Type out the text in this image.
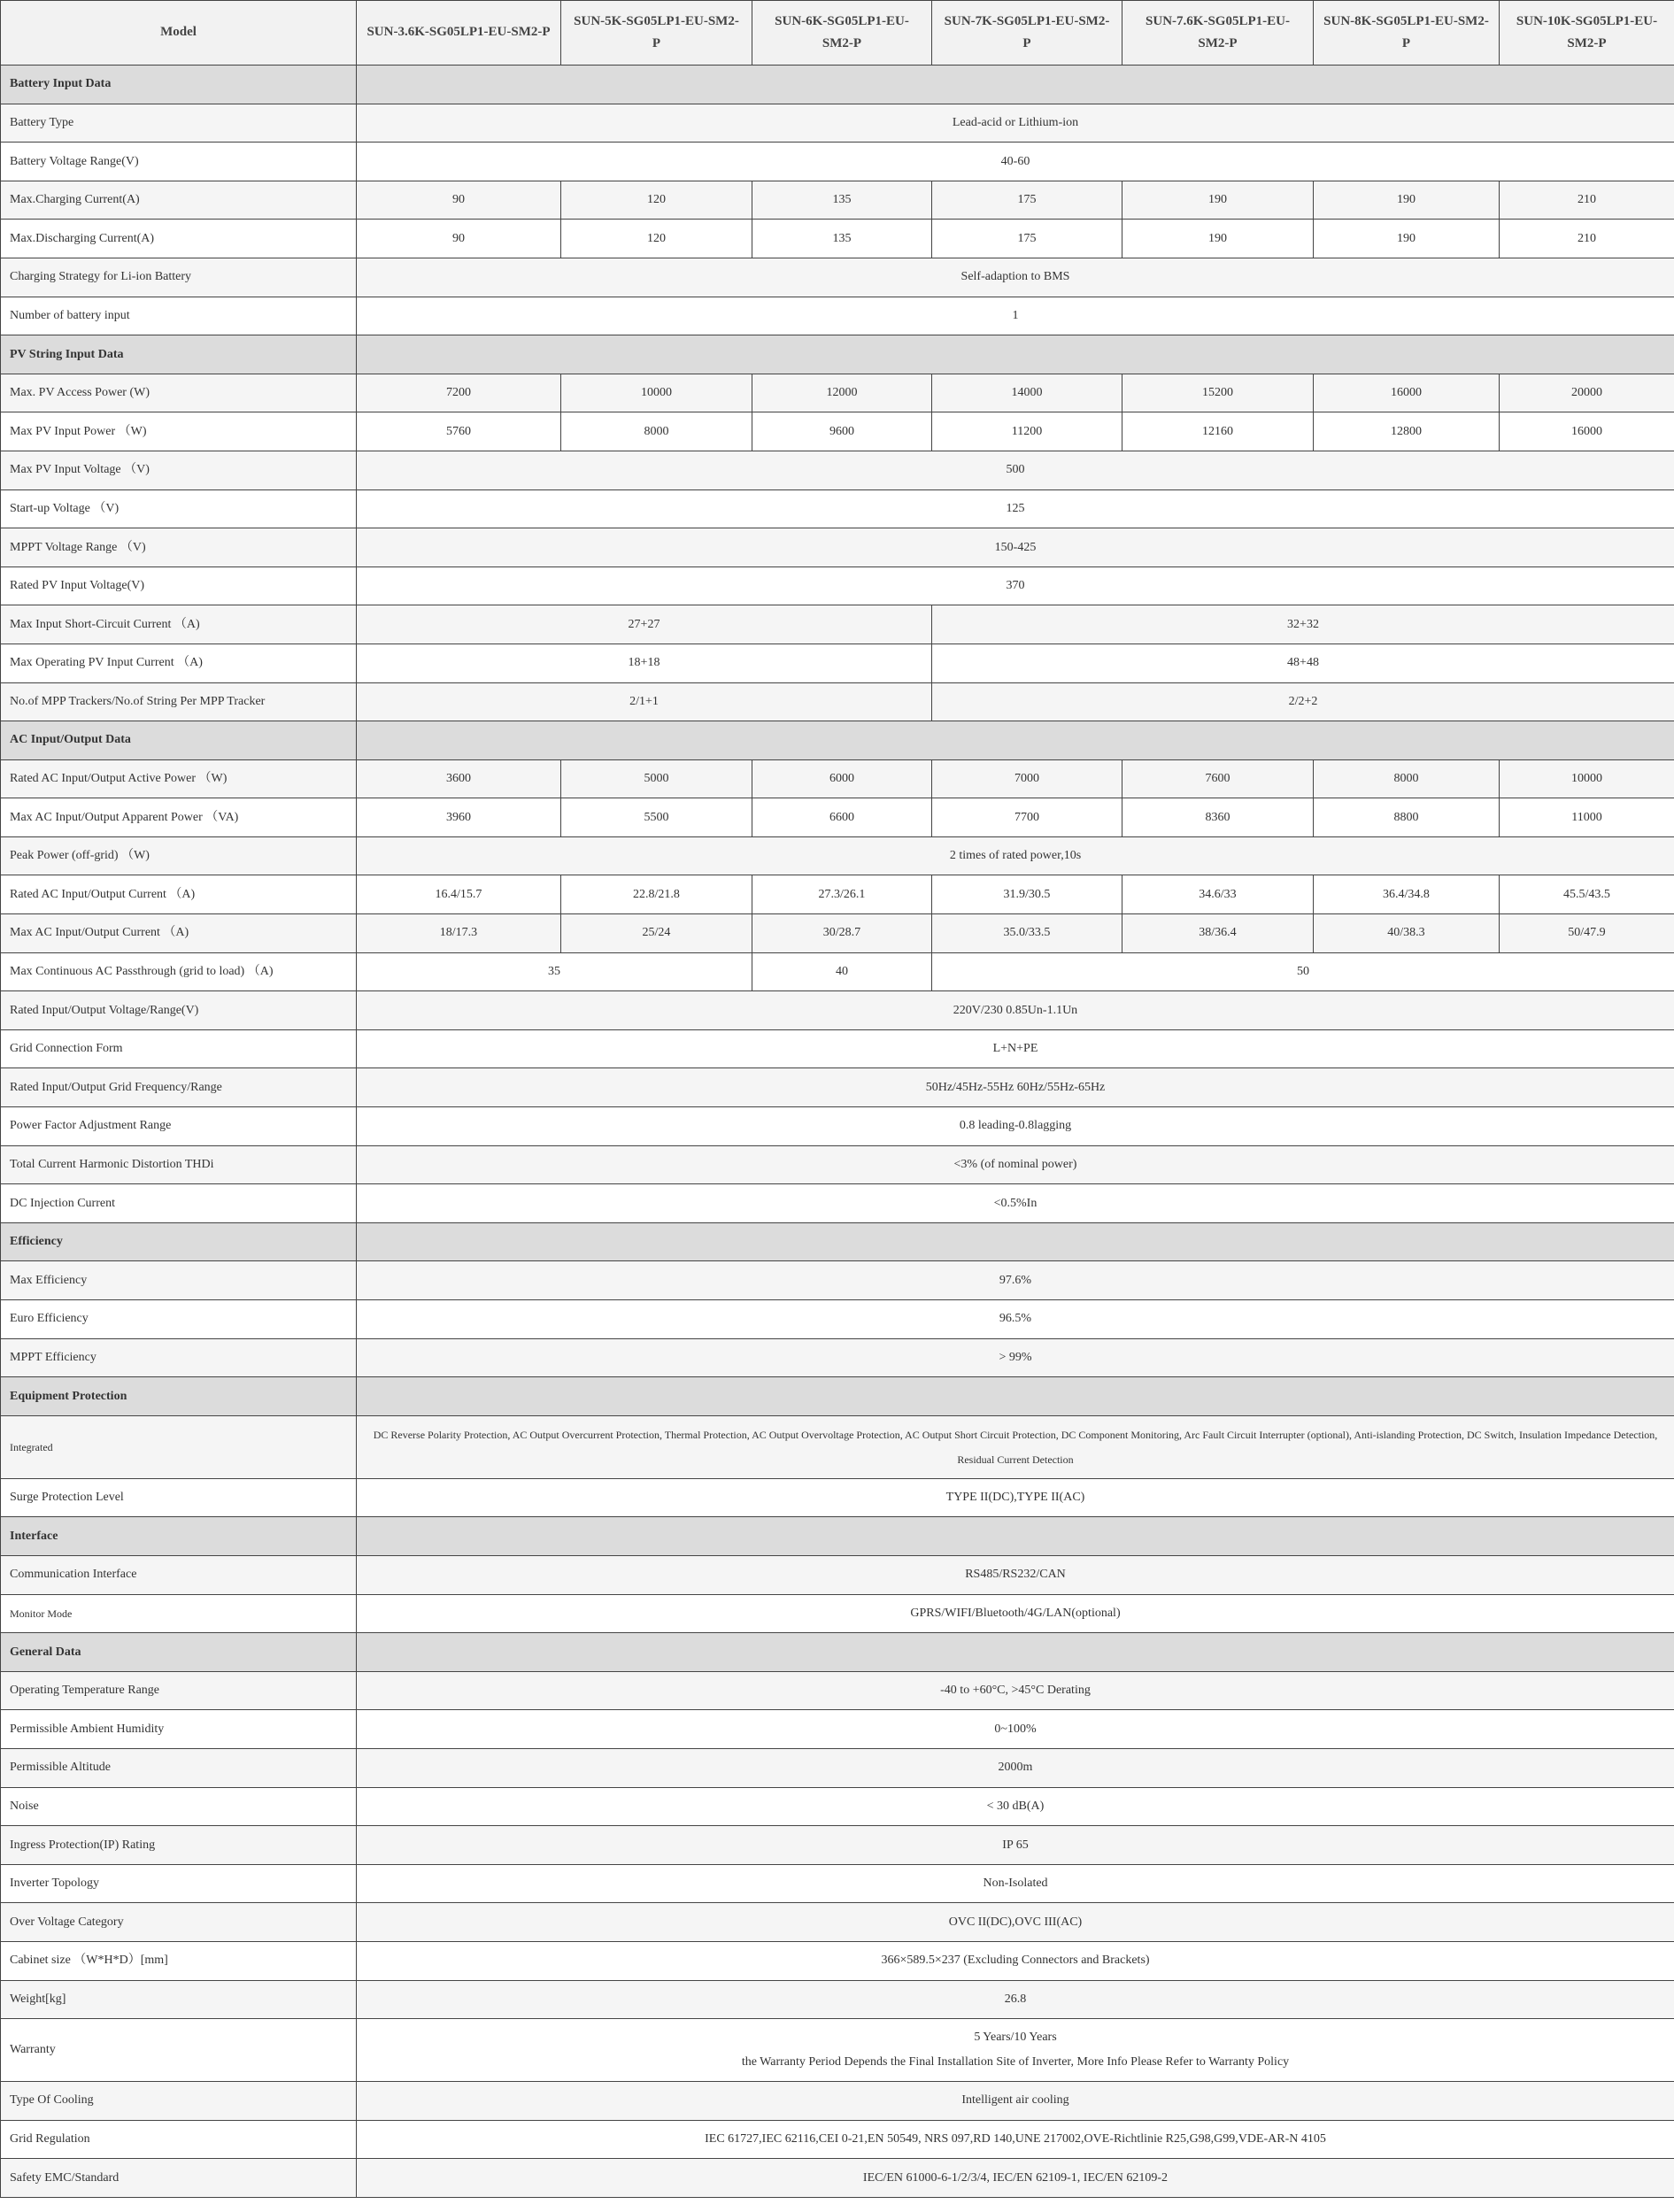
Model	SUN-3.6K-SG05LP1-EU-SM2-P	SUN-5K-SG05LP1-EU-SM2-P	SUN-6K-SG05LP1-EU-SM2-P	SUN-7K-SG05LP1-EU-SM2-P	SUN-7.6K-SG05LP1-EU-SM2-P	SUN-8K-SG05LP1-EU-SM2-P	SUN-10K-SG05LP1-EU-SM2-P
Battery Input Data							
Battery Type	Lead-acid or Lithium-ion						
Battery Voltage Range(V)	40-60						
Max.Charging Current(A)	90	120	135	175	190	190	210
Max.Discharging Current(A)	90	120	135	175	190	190	210
Charging Strategy for Li-ion Battery	Self-adaption to BMS						
Number of battery input	1						
PV String Input Data							
Max. PV Access Power (W)	7200	10000	12000	14000	15200	16000	20000
Max PV Input Power （W)	5760	8000	9600	11200	12160	12800	16000
Max PV Input Voltage （V)	500						
Start-up Voltage （V)	125						
MPPT Voltage Range （V)	150-425						
Rated PV Input Voltage(V)	370						
Max Input Short-Circuit Current （A)	27+27			32+32			
Max Operating PV Input Current （A)	18+18			48+48			
No.of MPP Trackers/No.of String Per MPP Tracker	2/1+1			2/2+2			
AC Input/Output Data							
Rated AC Input/Output Active Power （W)	3600	5000	6000	7000	7600	8000	10000
Max AC Input/Output Apparent Power （VA)	3960	5500	6600	7700	8360	8800	11000
Peak Power (off-grid) （W)	2 times of rated power,10s						
Rated AC Input/Output Current （A)	16.4/15.7	22.8/21.8	27.3/26.1	31.9/30.5	34.6/33	36.4/34.8	45.5/43.5
Max AC Input/Output Current （A)	18/17.3	25/24	30/28.7	35.0/33.5	38/36.4	40/38.3	50/47.9
Max Continuous AC Passthrough (grid to load) （A)	35		40	50			
Rated Input/Output Voltage/Range(V)	220V/230 0.85Un-1.1Un						
Grid Connection Form	L+N+PE						
Rated Input/Output Grid Frequency/Range	50Hz/45Hz-55Hz 60Hz/55Hz-65Hz						
Power Factor Adjustment Range	0.8 leading-0.8lagging						
Total Current Harmonic Distortion THDi	<3% (of nominal power)						
DC Injection Current	<0.5%In						
Efficiency							
Max Efficiency	97.6%						
Euro Efficiency	96.5%						
MPPT Efficiency	> 99%						
Equipment Protection							
Integrated	DC Reverse Polarity Protection, AC Output Overcurrent Protection, Thermal Protection, AC Output Overvoltage Protection, AC Output Short Circuit Protection, DC Component Monitoring, Arc Fault Circuit Interrupter (optional), Anti-islanding Protection, DC Switch, Insulation Impedance Detection, Residual Current Detection						
Surge Protection Level	TYPE II(DC),TYPE II(AC)						
Interface							
Communication Interface	RS485/RS232/CAN						
Monitor Mode	GPRS/WIFI/Bluetooth/4G/LAN(optional)						
General Data							
Operating Temperature Range	-40 to +60°C, >45°C Derating						
Permissible Ambient Humidity	0~100%						
Permissible Altitude	2000m						
Noise	< 30 dB(A)						
Ingress Protection(IP) Rating	IP 65						
Inverter Topology	Non-Isolated						
Over Voltage Category	OVC II(DC),OVC III(AC)						
Cabinet size （W*H*D）[mm]	366×589.5×237 (Excluding Connectors and Brackets)						
Weight[kg]	26.8						
Warranty	5 Years/10 Years
the Warranty Period Depends the Final Installation Site of Inverter, More Info Please Refer to Warranty Policy						

Type Of Cooling	Intelligent air cooling						
Grid Regulation	IEC 61727,IEC 62116,CEI 0-21,EN 50549, NRS 097,RD 140,UNE 217002,OVE-Richtlinie R25,G98,G99,VDE-AR-N 4105						
Safety EMC/Standard	IEC/EN 61000-6-1/2/3/4, IEC/EN 62109-1, IEC/EN 62109-2						
